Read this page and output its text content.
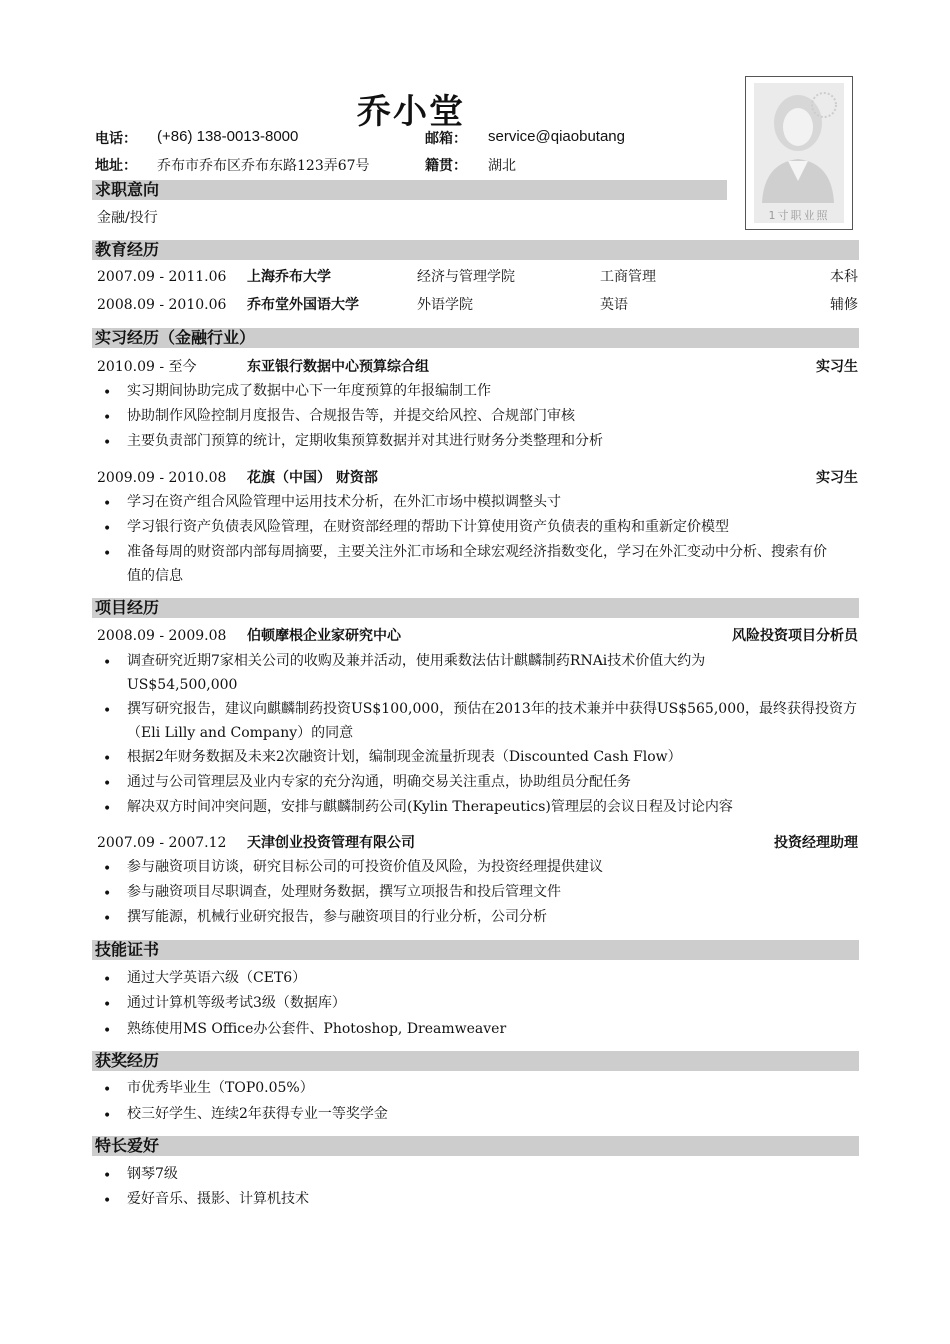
乔小堂
电话： (+86) 138-0013-8000	邮箱： service@qiaobutang
地址： 乔布市乔布区乔布东路123弄67号	籍贯： 湖北
1寸职业照
求职意向
金融/投行
教育经历
2007.09 - 2011.06 上海乔布大学	经济与管理学院	工商管理	本科
2008.09 - 2010.06 乔布堂外国语大学	外语学院	英语	辅修
实习经历（金融行业）
2010.09 - 至今	东亚银行数据中心预算综合组	实习生
• 实习期间协助完成了数据中心下一年度预算的年报编制工作
• 协助制作风险控制月度报告、合规报告等，并提交给风控、合规部门审核
• 主要负责部门预算的统计，定期收集预算数据并对其进行财务分类整理和分析
2009.09 - 2010.08 花旗（中国） 财资部	实习生
• 学习在资产组合风险管理中运用技术分析，在外汇市场中模拟调整头寸
• 学习银行资产负债表风险管理，在财资部经理的帮助下计算使用资产负债表的重构和重新定价模型
• 准备每周的财资部内部每周摘要，主要关注外汇市场和全球宏观经济指数变化，学习在外汇变动中分析、搜索有价值的信息
项目经历
2008.09 - 2009.08 伯顿摩根企业家研究中心	风险投资项目分析员
• 调查研究近期7家相关公司的收购及兼并活动，使用乘数法估计麒麟制药RNAi技术价值大约为US$54,500,000
• 撰写研究报告，建议向麒麟制药投资US$100,000，预估在2013年的技术兼并中获得US$565,000，最终获得投资方（Eli Lilly and Company）的同意
• 根据2年财务数据及未来2次融资计划，编制现金流量折现表（Discounted Cash Flow）
• 通过与公司管理层及业内专家的充分沟通，明确交易关注重点，协助组员分配任务
• 解决双方时间冲突问题，安排与麒麟制药公司(Kylin Therapeutics)管理层的会议日程及讨论内容
2007.09 - 2007.12 天津创业投资管理有限公司	投资经理助理
• 参与融资项目访谈，研究目标公司的可投资价值及风险，为投资经理提供建议
• 参与融资项目尽职调查，处理财务数据，撰写立项报告和投后管理文件
• 撰写能源，机械行业研究报告，参与融资项目的行业分析，公司分析
技能证书
• 通过大学英语六级（CET6）
• 通过计算机等级考试3级（数据库）
• 熟练使用MS Office办公套件、Photoshop, Dreamweaver
获奖经历
• 市优秀毕业生（TOP0.05%）
• 校三好学生、连续2年获得专业一等奖学金
特长爱好
• 钢琴7级
• 爱好音乐、摄影、计算机技术
